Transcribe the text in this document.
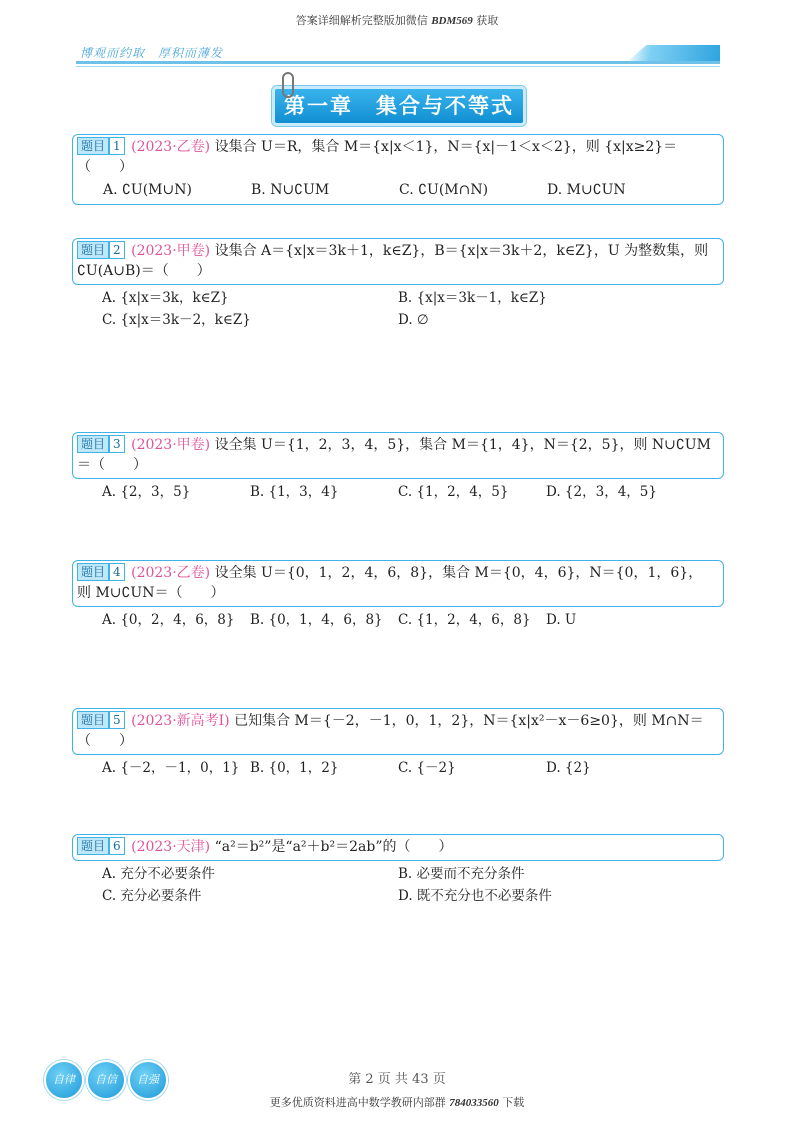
答案详细解析完整版加微信 BDM569 获取
博观而约取　厚积而薄发
第一章　集合与不等式
题目 1 (2023·乙卷) 设集合 U＝R，集合 M＝{x|x＜1}，N＝{x|－1＜x＜2}，则 {x|x≥2}＝（　　）
A. ∁U(M∪N)	B. N∪∁UM	C. ∁U(M∩N)	D. M∪∁UN
题目 2 (2023·甲卷) 设集合 A＝{x|x＝3k＋1，k∈Z}，B＝{x|x＝3k＋2，k∈Z}，U 为整数集，则 ∁U(A∪B)＝（　　）
A. {x|x＝3k，k∈Z}	B. {x|x＝3k－1，k∈Z}
C. {x|x＝3k－2，k∈Z}	D. ∅
题目 3 (2023·甲卷) 设全集 U＝{1，2，3，4，5}，集合 M＝{1，4}，N＝{2，5}，则 N∪∁UM＝（　　）
A. {2，3，5}	B. {1，3，4}	C. {1，2，4，5}	D. {2，3，4，5}
题目 4 (2023·乙卷) 设全集 U＝{0，1，2，4，6，8}，集合 M＝{0，4，6}，N＝{0，1，6}，则 M∪∁UN＝（　　）
A. {0，2，4，6，8}	B. {0，1，4，6，8}	C. {1，2，4，6，8}	D. U
题目 5 (2023·新高考Ⅰ) 已知集合 M＝{－2，－1，0，1，2}，N＝{x|x²－x－6≥0}，则 M∩N＝（　　）
A. {－2，－1，0，1} B. {0，1，2}	C. {－2}	D. {2}
题目 6 (2023·天津) “a²＝b²”是“a²＋b²＝2ab”的（　　）
A. 充分不必要条件	B. 必要而不充分条件
C. 充分必要条件	D. 既不充分也不必要条件
自律	自信	自强	第 2 页 共 43 页
更多优质资料进高中数学教研内部群 784033560 下载
